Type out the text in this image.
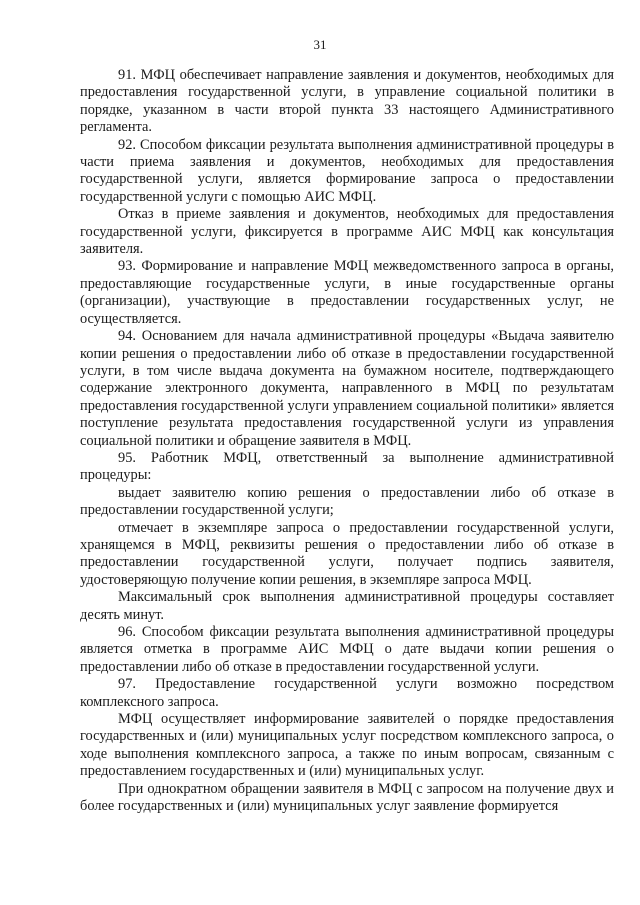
31

91. МФЦ обеспечивает направление заявления и документов, необходимых для предоставления государственной услуги, в управление социальной политики в порядке, указанном в части второй пункта 33 настоящего Административного регламента.

92. Способом фиксации результата выполнения административной процедуры в части приема заявления и документов, необходимых для предоставления государственной услуги, является формирование запроса о предоставлении государственной услуги с помощью АИС МФЦ.

Отказ в приеме заявления и документов, необходимых для предоставления государственной услуги, фиксируется в программе АИС МФЦ как консультация заявителя.

93. Формирование и направление МФЦ межведомственного запроса в органы, предоставляющие государственные услуги, в иные государственные органы (организации), участвующие в предоставлении государственных услуг, не осуществляется.

94. Основанием для начала административной процедуры «Выдача заявителю копии решения о предоставлении либо об отказе в предоставлении государственной услуги, в том числе выдача документа на бумажном носителе, подтверждающего содержание электронного документа, направленного в МФЦ по результатам предоставления государственной услуги управлением социальной политики» является поступление результата предоставления государственной услуги из управления социальной политики и обращение заявителя в МФЦ.

95. Работник МФЦ, ответственный за выполнение административной процедуры:

выдает заявителю копию решения о предоставлении либо об отказе в предоставлении государственной услуги;

отмечает в экземпляре запроса о предоставлении государственной услуги, хранящемся в МФЦ, реквизиты решения о предоставлении либо об отказе в предоставлении государственной услуги, получает подпись заявителя, удостоверяющую получение копии решения, в экземпляре запроса МФЦ.

Максимальный срок выполнения административной процедуры составляет десять минут.

96. Способом фиксации результата выполнения административной процедуры является отметка в программе АИС МФЦ о дате выдачи копии решения о предоставлении либо об отказе в предоставлении государственной услуги.

97. Предоставление государственной услуги возможно посредством комплексного запроса.

МФЦ осуществляет информирование заявителей о порядке предоставления государственных и (или) муниципальных услуг посредством комплексного запроса, о ходе выполнения комплексного запроса, а также по иным вопросам, связанным с предоставлением государственных и (или) муниципальных услуг.

При однократном обращении заявителя в МФЦ с запросом на получение двух и более государственных и (или) муниципальных услуг заявление формируется
